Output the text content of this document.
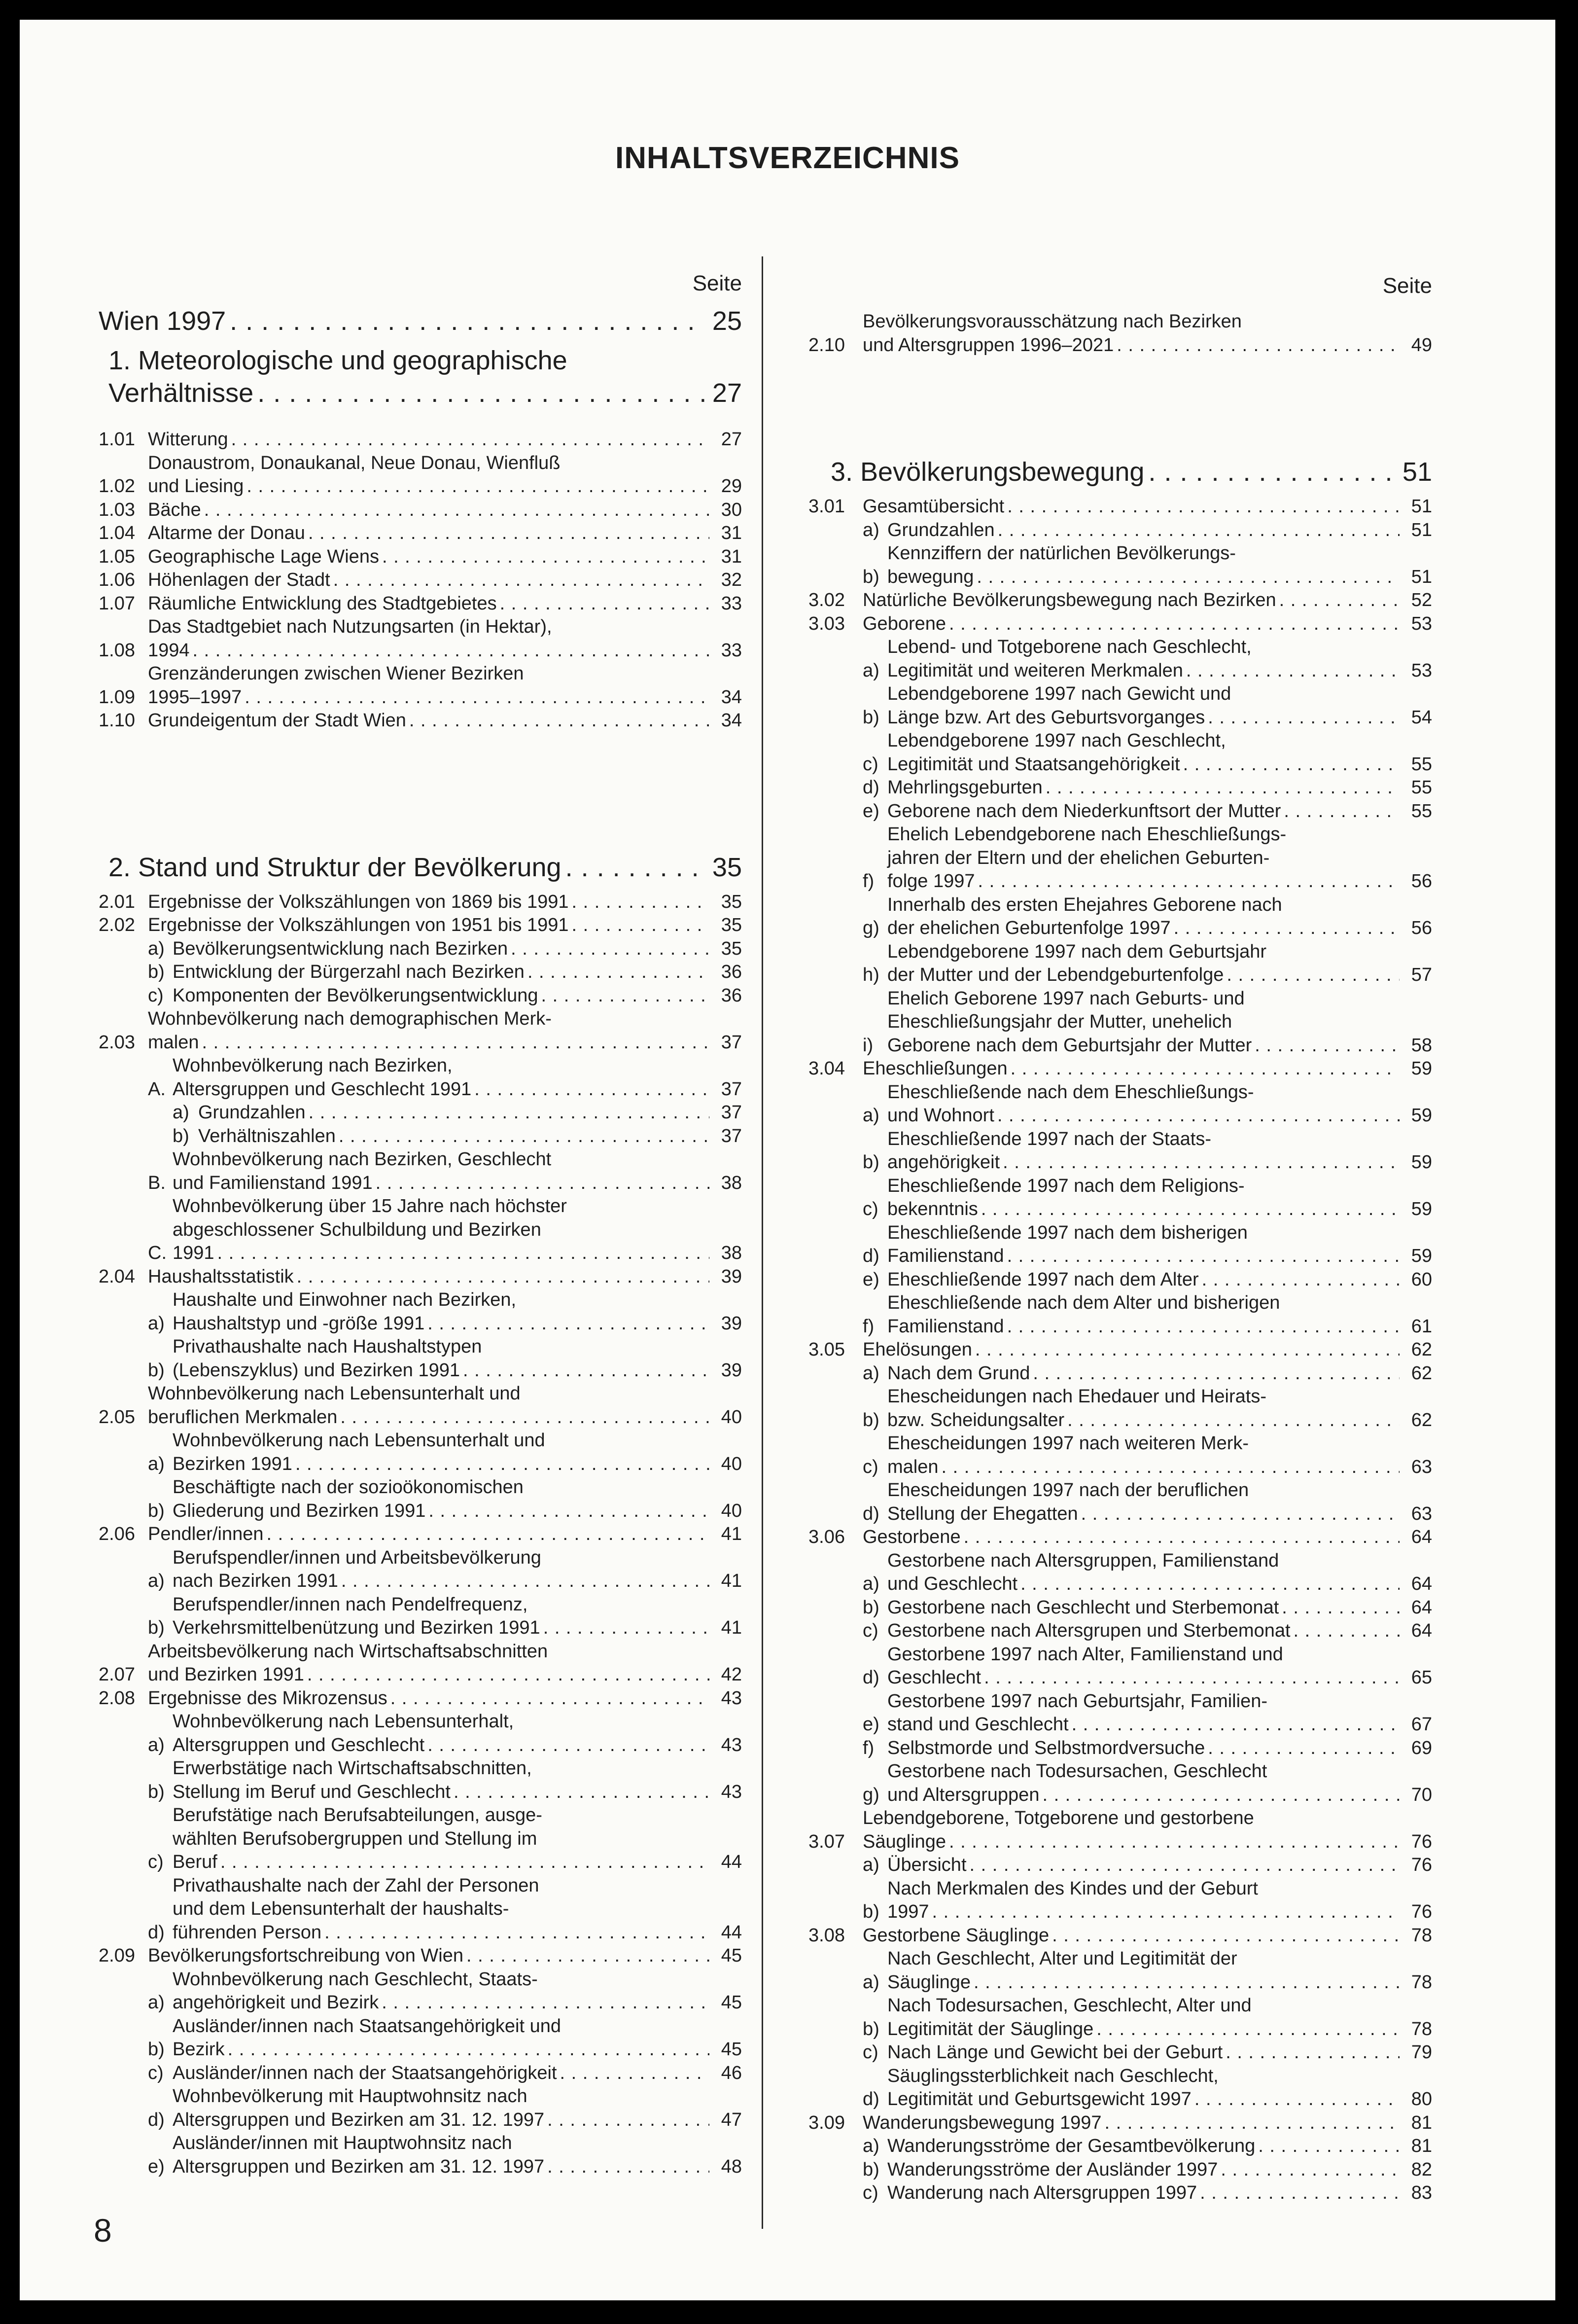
INHALTSVERZEICHNIS
Seite
Wien 1997 . . .	25
1. Meteorologische und geographische
Verhältnisse . . .	27
1.01 Witterung . . .	27
1.02
Donaustrom, Donaukanal, Neue Donau, Wienfluß
und Liesing . . .	29
1.03 Bäche . . .	30
1.04 Altarme der Donau . . .	31
1.05 Geographische Lage Wiens . . .	31
1.06 Höhenlagen der Stadt . . .	32
1.07 Räumliche Entwicklung des Stadtgebietes . . .	33
1.08
Das Stadtgebiet nach Nutzungsarten (in Hektar),
1994 . . .	33
1.09
Grenzänderungen zwischen Wiener Bezirken
1995–1997 . . .	34
1.10 Grundeigentum der Stadt Wien . . .	34
2. Stand und Struktur der Bevölkerung . . .	35
2.01 Ergebnisse der Volkszählungen von 1869 bis 1991 . . .	35
2.02 Ergebnisse der Volkszählungen von 1951 bis 1991 . . .	35
a) Bevölkerungsentwicklung nach Bezirken . . .	35
b) Entwicklung der Bürgerzahl nach Bezirken . . .	36
c) Komponenten der Bevölkerungsentwicklung . . .	36
2.03
Wohnbevölkerung nach demographischen Merk-
malen . . .	37
A.
Wohnbevölkerung nach Bezirken,
Altersgruppen und Geschlecht 1991 . . .	37
a) Grundzahlen . . .	37
b) Verhältniszahlen . . .	37
B.
Wohnbevölkerung nach Bezirken, Geschlecht
und Familienstand 1991 . . .	38
C.
Wohnbevölkerung über 15 Jahre nach höchster
abgeschlossener Schulbildung und Bezirken
1991 . . .	38
2.04 Haushaltsstatistik . . .	39
a)
Haushalte und Einwohner nach Bezirken,
Haushaltstyp und -größe 1991 . . .	39
b)
Privathaushalte nach Haushaltstypen
(Lebenszyklus) und Bezirken 1991 . . .	39
2.05
Wohnbevölkerung nach Lebensunterhalt und
beruflichen Merkmalen . . .	40
a)
Wohnbevölkerung nach Lebensunterhalt und
Bezirken 1991 . . .	40
b)
Beschäftigte nach der sozioökonomischen
Gliederung und Bezirken 1991 . . .	40
2.06 Pendler/innen . . .	41
a)
Berufspendler/innen und Arbeitsbevölkerung
nach Bezirken 1991 . . .	41
b)
Berufspendler/innen nach Pendelfrequenz,
Verkehrsmittelbenützung und Bezirken 1991 . . .	41
2.07
Arbeitsbevölkerung nach Wirtschaftsabschnitten
und Bezirken 1991 . . .	42
2.08 Ergebnisse des Mikrozensus . . .	43
a)
Wohnbevölkerung nach Lebensunterhalt,
Altersgruppen und Geschlecht . . .	43
b)
Erwerbstätige nach Wirtschaftsabschnitten,
Stellung im Beruf und Geschlecht . . .	43
c)
Berufstätige nach Berufsabteilungen, ausge-
wählten Berufsobergruppen und Stellung im
Beruf . . .	44
d)
Privathaushalte nach der Zahl der Personen
und dem Lebensunterhalt der haushalts-
führenden Person . . .	44
2.09 Bevölkerungsfortschreibung von Wien . . .	45
a)
Wohnbevölkerung nach Geschlecht, Staats-
angehörigkeit und Bezirk . . .	45
b)
Ausländer/innen nach Staatsangehörigkeit und
Bezirk . . .	45
c) Ausländer/innen nach der Staatsangehörigkeit . . .	46
d)
Wohnbevölkerung mit Hauptwohnsitz nach
Altersgruppen und Bezirken am 31. 12. 1997 . . .	47
e)
Ausländer/innen mit Hauptwohnsitz nach
Altersgruppen und Bezirken am 31. 12. 1997 . . .	48
Seite
2.10
Bevölkerungsvorausschätzung nach Bezirken
und Altersgruppen 1996–2021 . . .	49
3. Bevölkerungsbewegung . . .	51
3.01 Gesamtübersicht . . .	51
a) Grundzahlen . . .	51
b)
Kennziffern der natürlichen Bevölkerungs-
bewegung . . .	51
3.02 Natürliche Bevölkerungsbewegung nach Bezirken . . .	52
3.03 Geborene . . .	53
a)
Lebend- und Totgeborene nach Geschlecht,
Legitimität und weiteren Merkmalen . . .	53
b)
Lebendgeborene 1997 nach Gewicht und
Länge bzw. Art des Geburtsvorganges . . .	54
c)
Lebendgeborene 1997 nach Geschlecht,
Legitimität und Staatsangehörigkeit . . .	55
d) Mehrlingsgeburten . . .	55
e) Geborene nach dem Niederkunftsort der Mutter . . .	55
f)
Ehelich Lebendgeborene nach Eheschließungs-
jahren der Eltern und der ehelichen Geburten-
folge 1997 . . .	56
g)
Innerhalb des ersten Ehejahres Geborene nach
der ehelichen Geburtenfolge 1997 . . .	56
h)
Lebendgeborene 1997 nach dem Geburtsjahr
der Mutter und der Lebendgeburtenfolge . . .	57
i)
Ehelich Geborene 1997 nach Geburts- und
Eheschließungsjahr der Mutter, unehelich
Geborene nach dem Geburtsjahr der Mutter . . .	58
3.04 Eheschließungen . . .	59
a)
Eheschließende nach dem Eheschließungs-
und Wohnort . . .	59
b)
Eheschließende 1997 nach der Staats-
angehörigkeit . . .	59
c)
Eheschließende 1997 nach dem Religions-
bekenntnis . . .	59
d)
Eheschließende 1997 nach dem bisherigen
Familienstand . . .	59
e) Eheschließende 1997 nach dem Alter . . .	60
f)
Eheschließende nach dem Alter und bisherigen
Familienstand . . .	61
3.05 Ehelösungen . . .	62
a) Nach dem Grund . . .	62
b)
Ehescheidungen nach Ehedauer und Heirats-
bzw. Scheidungsalter . . .	62
c)
Ehescheidungen 1997 nach weiteren Merk-
malen . . .	63
d)
Ehescheidungen 1997 nach der beruflichen
Stellung der Ehegatten . . .	63
3.06 Gestorbene . . .	64
a)
Gestorbene nach Altersgruppen, Familienstand
und Geschlecht . . .	64
b) Gestorbene nach Geschlecht und Sterbemonat . . .	64
c) Gestorbene nach Altersgrupen und Sterbemonat . . .	64
d)
Gestorbene 1997 nach Alter, Familienstand und
Geschlecht . . .	65
e)
Gestorbene 1997 nach Geburtsjahr, Familien-
stand und Geschlecht . . .	67
f) Selbstmorde und Selbstmordversuche . . .	69
g)
Gestorbene nach Todesursachen, Geschlecht
und Altersgruppen . . .	70
3.07
Lebendgeborene, Totgeborene und gestorbene
Säuglinge . . .	76
a) Übersicht . . .	76
b)
Nach Merkmalen des Kindes und der Geburt
1997 . . .	76
3.08 Gestorbene Säuglinge . . .	78
a)
Nach Geschlecht, Alter und Legitimität der
Säuglinge . . .	78
b)
Nach Todesursachen, Geschlecht, Alter und
Legitimität der Säuglinge . . .	78
c) Nach Länge und Gewicht bei der Geburt . . .	79
d)
Säuglingssterblichkeit nach Geschlecht,
Legitimität und Geburtsgewicht 1997 . . .	80
3.09 Wanderungsbewegung 1997 . . .	81
a) Wanderungsströme der Gesamtbevölkerung . . .	81
b) Wanderungsströme der Ausländer 1997 . . .	82
c) Wanderung nach Altersgruppen 1997 . . .	83
8
